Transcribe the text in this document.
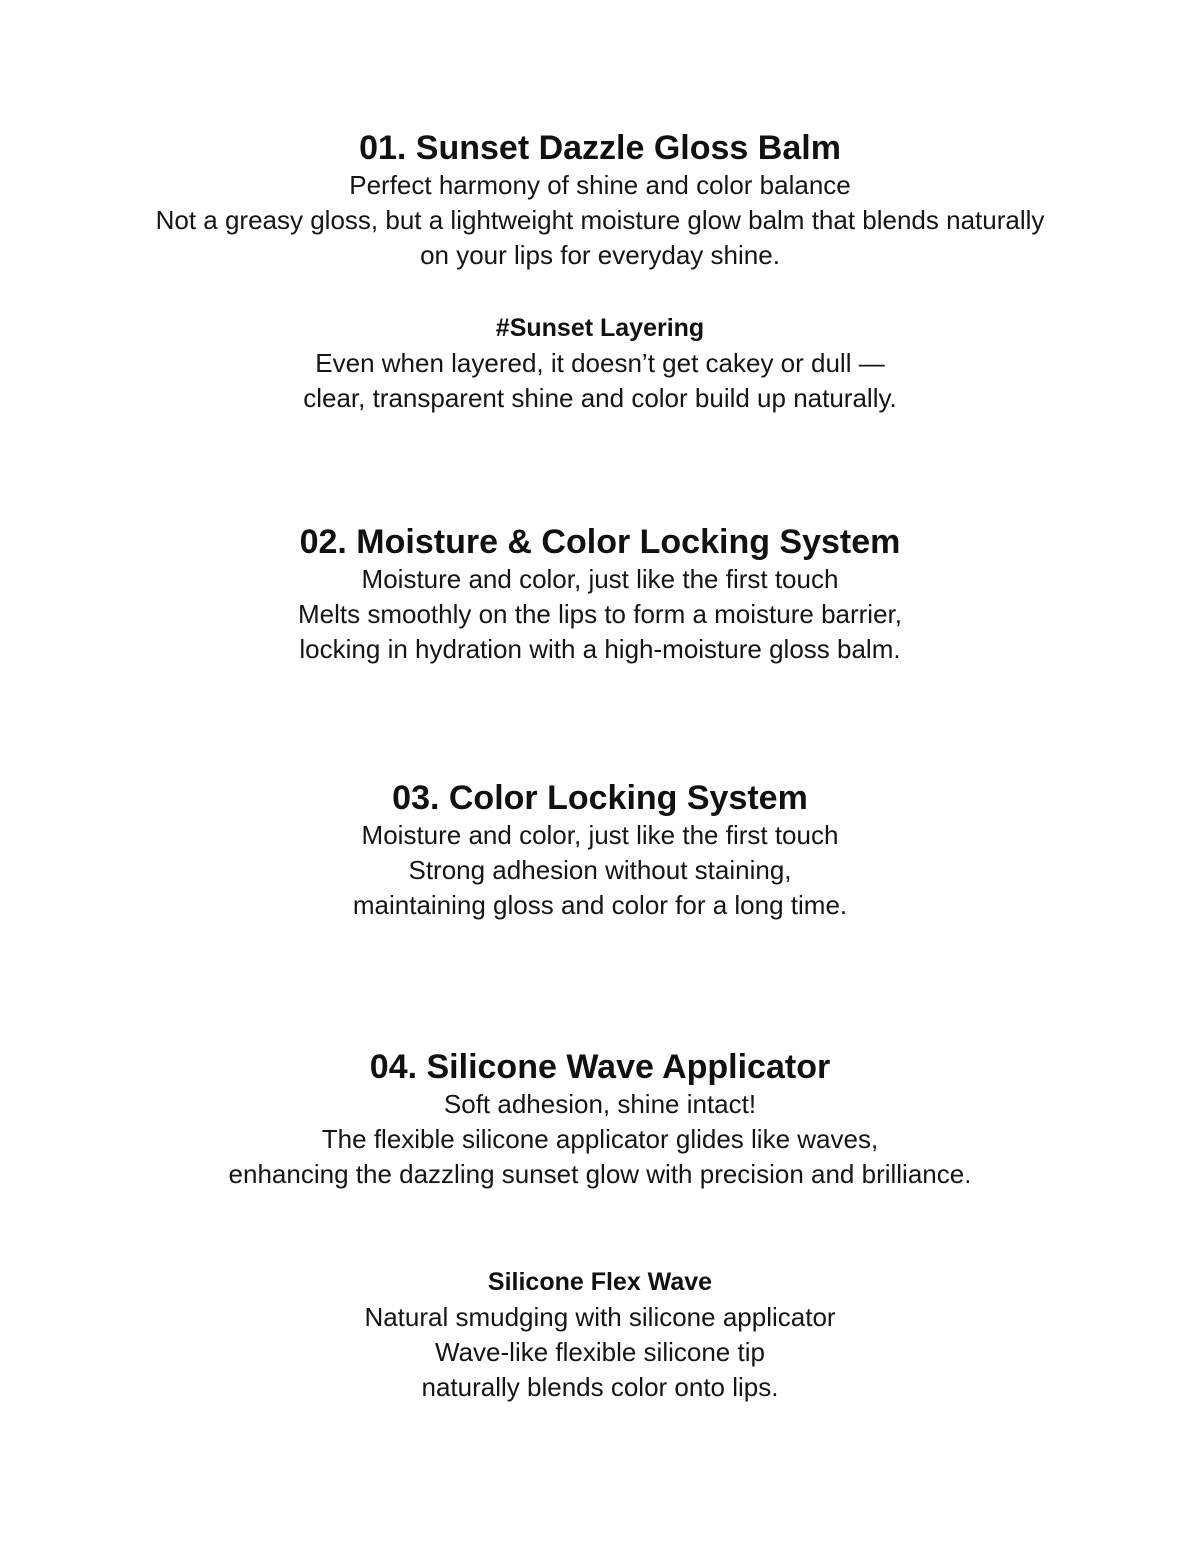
01. Sunset Dazzle Gloss Balm

Perfect harmony of shine and color balance

Not a greasy gloss, but a lightweight moisture glow balm that blends naturally

on your lips for everyday shine.

#Sunset Layering

Even when layered, it doesn’t get cakey or dull —

clear, transparent shine and color build up naturally.

02. Moisture & Color Locking System

Moisture and color, just like the first touch

Melts smoothly on the lips to form a moisture barrier,

locking in hydration with a high-moisture gloss balm.

03. Color Locking System

Moisture and color, just like the first touch

Strong adhesion without staining,

maintaining gloss and color for a long time.

04. Silicone Wave Applicator

Soft adhesion, shine intact!

The flexible silicone applicator glides like waves,

enhancing the dazzling sunset glow with precision and brilliance.

Silicone Flex Wave

Natural smudging with silicone applicator

Wave-like flexible silicone tip

naturally blends color onto lips.
